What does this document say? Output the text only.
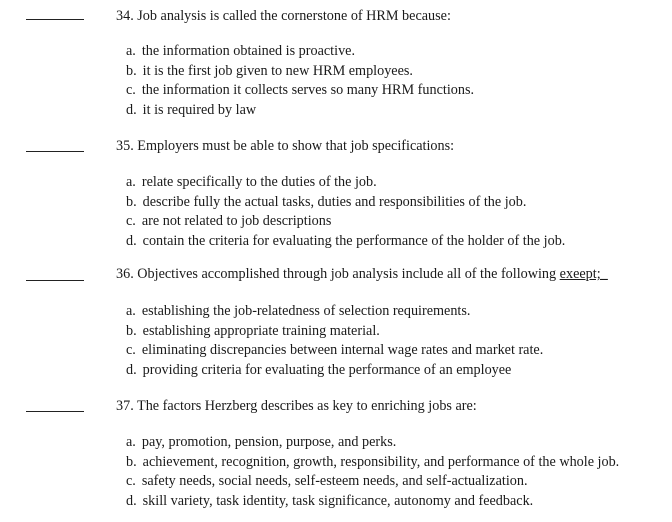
34. Job analysis is called the cornerstone of HRM because:
a. the information obtained is proactive.
b. it is the first job given to new HRM employees.
c. the information it collects serves so many HRM functions.
d. it is required by law
35. Employers must be able to show that job specifications:
a. relate specifically to the duties of the job.
b. describe fully the actual tasks, duties and responsibilities of the job.
c. are not related to job descriptions
d. contain the criteria for evaluating the performance of the holder of the job.
36. Objectives accomplished through job analysis include all of the following exeept;_
a. establishing the job-relatedness of selection requirements.
b. establishing appropriate training material.
c. eliminating discrepancies between internal wage rates and market rate.
d. providing criteria for evaluating the performance of an employee
37. The factors Herzberg describes as key to enriching jobs are:
a. pay, promotion, pension, purpose, and perks.
b. achievement, recognition, growth, responsibility, and performance of the whole job.
c. safety needs, social needs, self-esteem needs, and self-actualization.
d. skill variety, task identity, task significance, autonomy and feedback.
